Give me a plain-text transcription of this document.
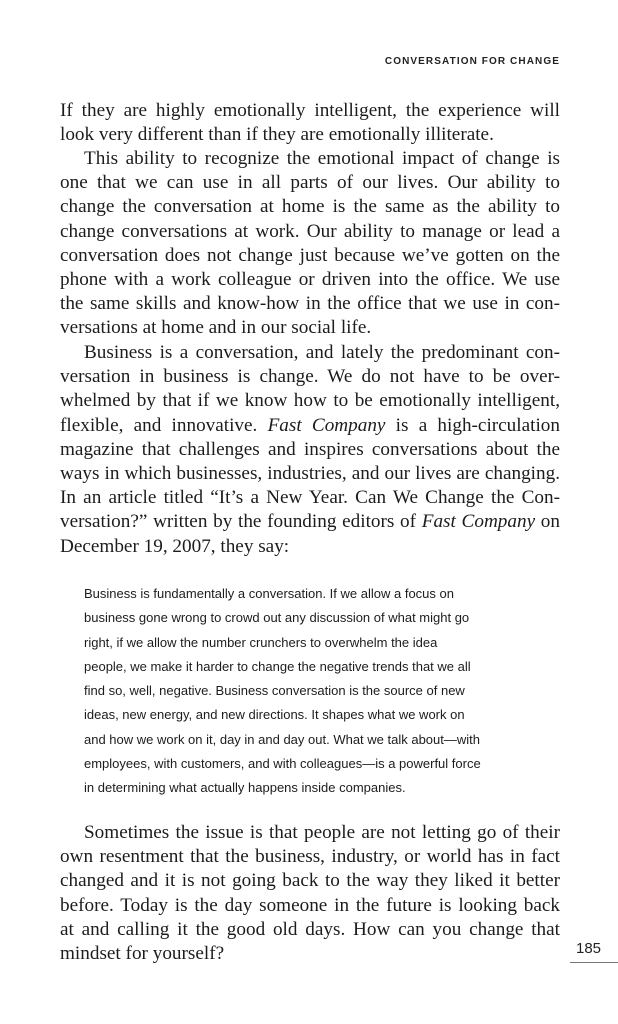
CONVERSATION FOR CHANGE
If they are highly emotionally intelligent, the experience will
look very different than if they are emotionally illiterate.
This ability to recognize the emotional impact of change is
one that we can use in all parts of our lives. Our ability to
change the conversation at home is the same as the ability to
change conversations at work. Our ability to manage or lead a
conversation does not change just because we’ve gotten on the
phone with a work colleague or driven into the office. We use
the same skills and know-how in the office that we use in con-
versations at home and in our social life.
Business is a conversation, and lately the predominant con-
versation in business is change. We do not have to be over-
whelmed by that if we know how to be emotionally intelligent,
flexible, and innovative. Fast Company is a high-circulation
magazine that challenges and inspires conversations about the
ways in which businesses, industries, and our lives are changing.
In an article titled “It’s a New Year. Can We Change the Con-
versation?” written by the founding editors of Fast Company on
December 19, 2007, they say:
Business is fundamentally a conversation. If we allow a focus on
business gone wrong to crowd out any discussion of what might go
right, if we allow the number crunchers to overwhelm the idea
people, we make it harder to change the negative trends that we all
find so, well, negative. Business conversation is the source of new
ideas, new energy, and new directions. It shapes what we work on
and how we work on it, day in and day out. What we talk about—with
employees, with customers, and with colleagues—is a powerful force
in determining what actually happens inside companies.
Sometimes the issue is that people are not letting go of their
own resentment that the business, industry, or world has in fact
changed and it is not going back to the way they liked it better
before. Today is the day someone in the future is looking back
at and calling it the good old days. How can you change that
mindset for yourself?	185
